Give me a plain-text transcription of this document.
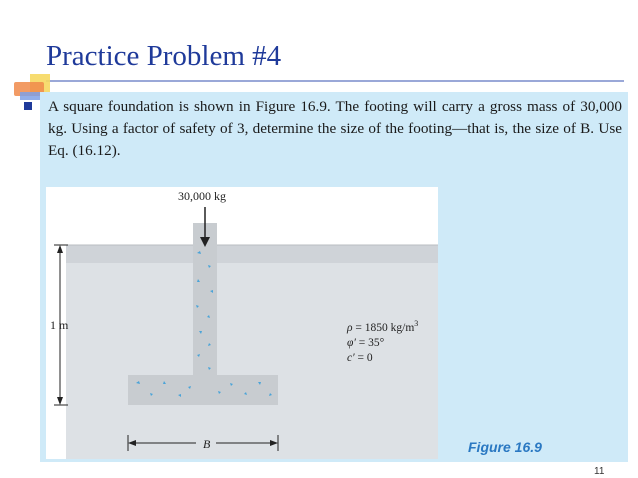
Practice Problem #4
A square foundation is shown in Figure 16.9. The footing will carry a gross mass of 30,000 kg. Using a factor of safety of 3, determine the size of the footing—that is, the size of B. Use Eq. (16.12).
30,000 kg
1 m
B
ρ = 1850 $kg/m^3$
φ′ = 35°
c′ = 0
Figure 16.9
11
